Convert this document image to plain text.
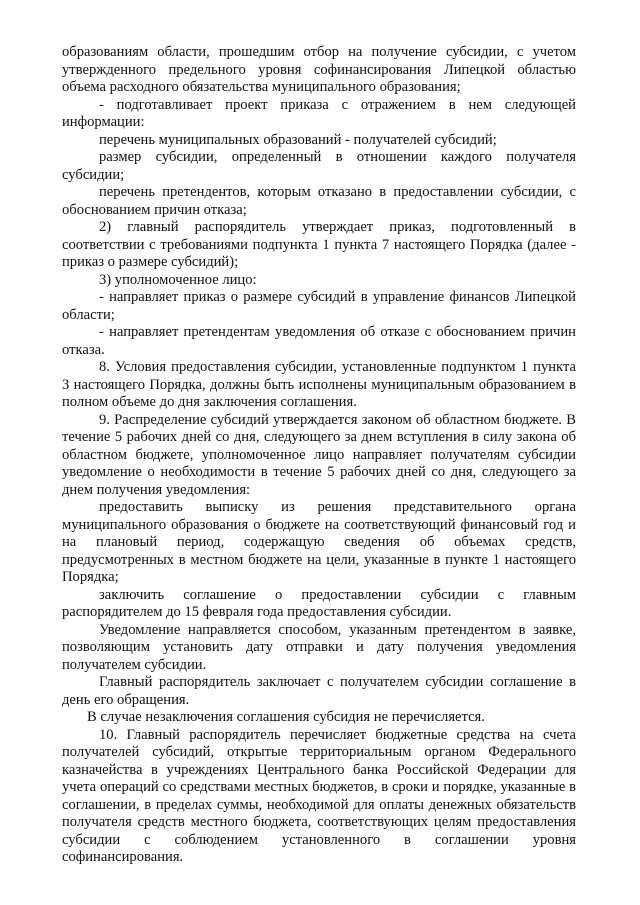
образованиям области, прошедшим отбор на получение субсидии, с учетом утвержденного предельного уровня софинансирования Липецкой областью объема расходного обязательства муниципального образования;

- подготавливает проект приказа с отражением в нем следующей информации:

перечень муниципальных образований - получателей субсидий;

размер субсидии, определенный в отношении каждого получателя субсидии;

перечень претендентов, которым отказано в предоставлении субсидии, с обоснованием причин отказа;

2) главный распорядитель утверждает приказ, подготовленный в соответствии с требованиями подпункта 1 пункта 7 настоящего Порядка (далее - приказ о размере субсидий);

3) уполномоченное лицо:

- направляет приказ о размере субсидий в управление финансов Липецкой области;

- направляет претендентам уведомления об отказе с обоснованием причин отказа.

8. Условия предоставления субсидии, установленные подпунктом 1 пункта 3 настоящего Порядка, должны быть исполнены муниципальным образованием в полном объеме до дня заключения соглашения.

9. Распределение субсидий утверждается законом об областном бюджете. В течение 5 рабочих дней со дня, следующего за днем вступления в силу закона об областном бюджете, уполномоченное лицо направляет получателям субсидии уведомление о необходимости в течение 5 рабочих дней со дня, следующего за днем получения уведомления:

предоставить выписку из решения представительного органа муниципального образования о бюджете на соответствующий финансовый год и на плановый период, содержащую сведения об объемах средств, предусмотренных в местном бюджете на цели, указанные в пункте 1 настоящего Порядка;

заключить соглашение о предоставлении субсидии с главным распорядителем до 15 февраля года предоставления субсидии.

Уведомление направляется способом, указанным претендентом в заявке, позволяющим установить дату отправки и дату получения уведомления получателем субсидии.

Главный распорядитель заключает с получателем субсидии соглашение в день его обращения.

В случае незаключения соглашения субсидия не перечисляется.

10. Главный распорядитель перечисляет бюджетные средства на счета получателей субсидий, открытые территориальным органом Федерального казначейства в учреждениях Центрального банка Российской Федерации для учета операций со средствами местных бюджетов, в сроки и порядке, указанные в соглашении, в пределах суммы, необходимой для оплаты денежных обязательств получателя средств местного бюджета, соответствующих целям предоставления субсидии с соблюдением установленного в соглашении уровня софинансирования.
